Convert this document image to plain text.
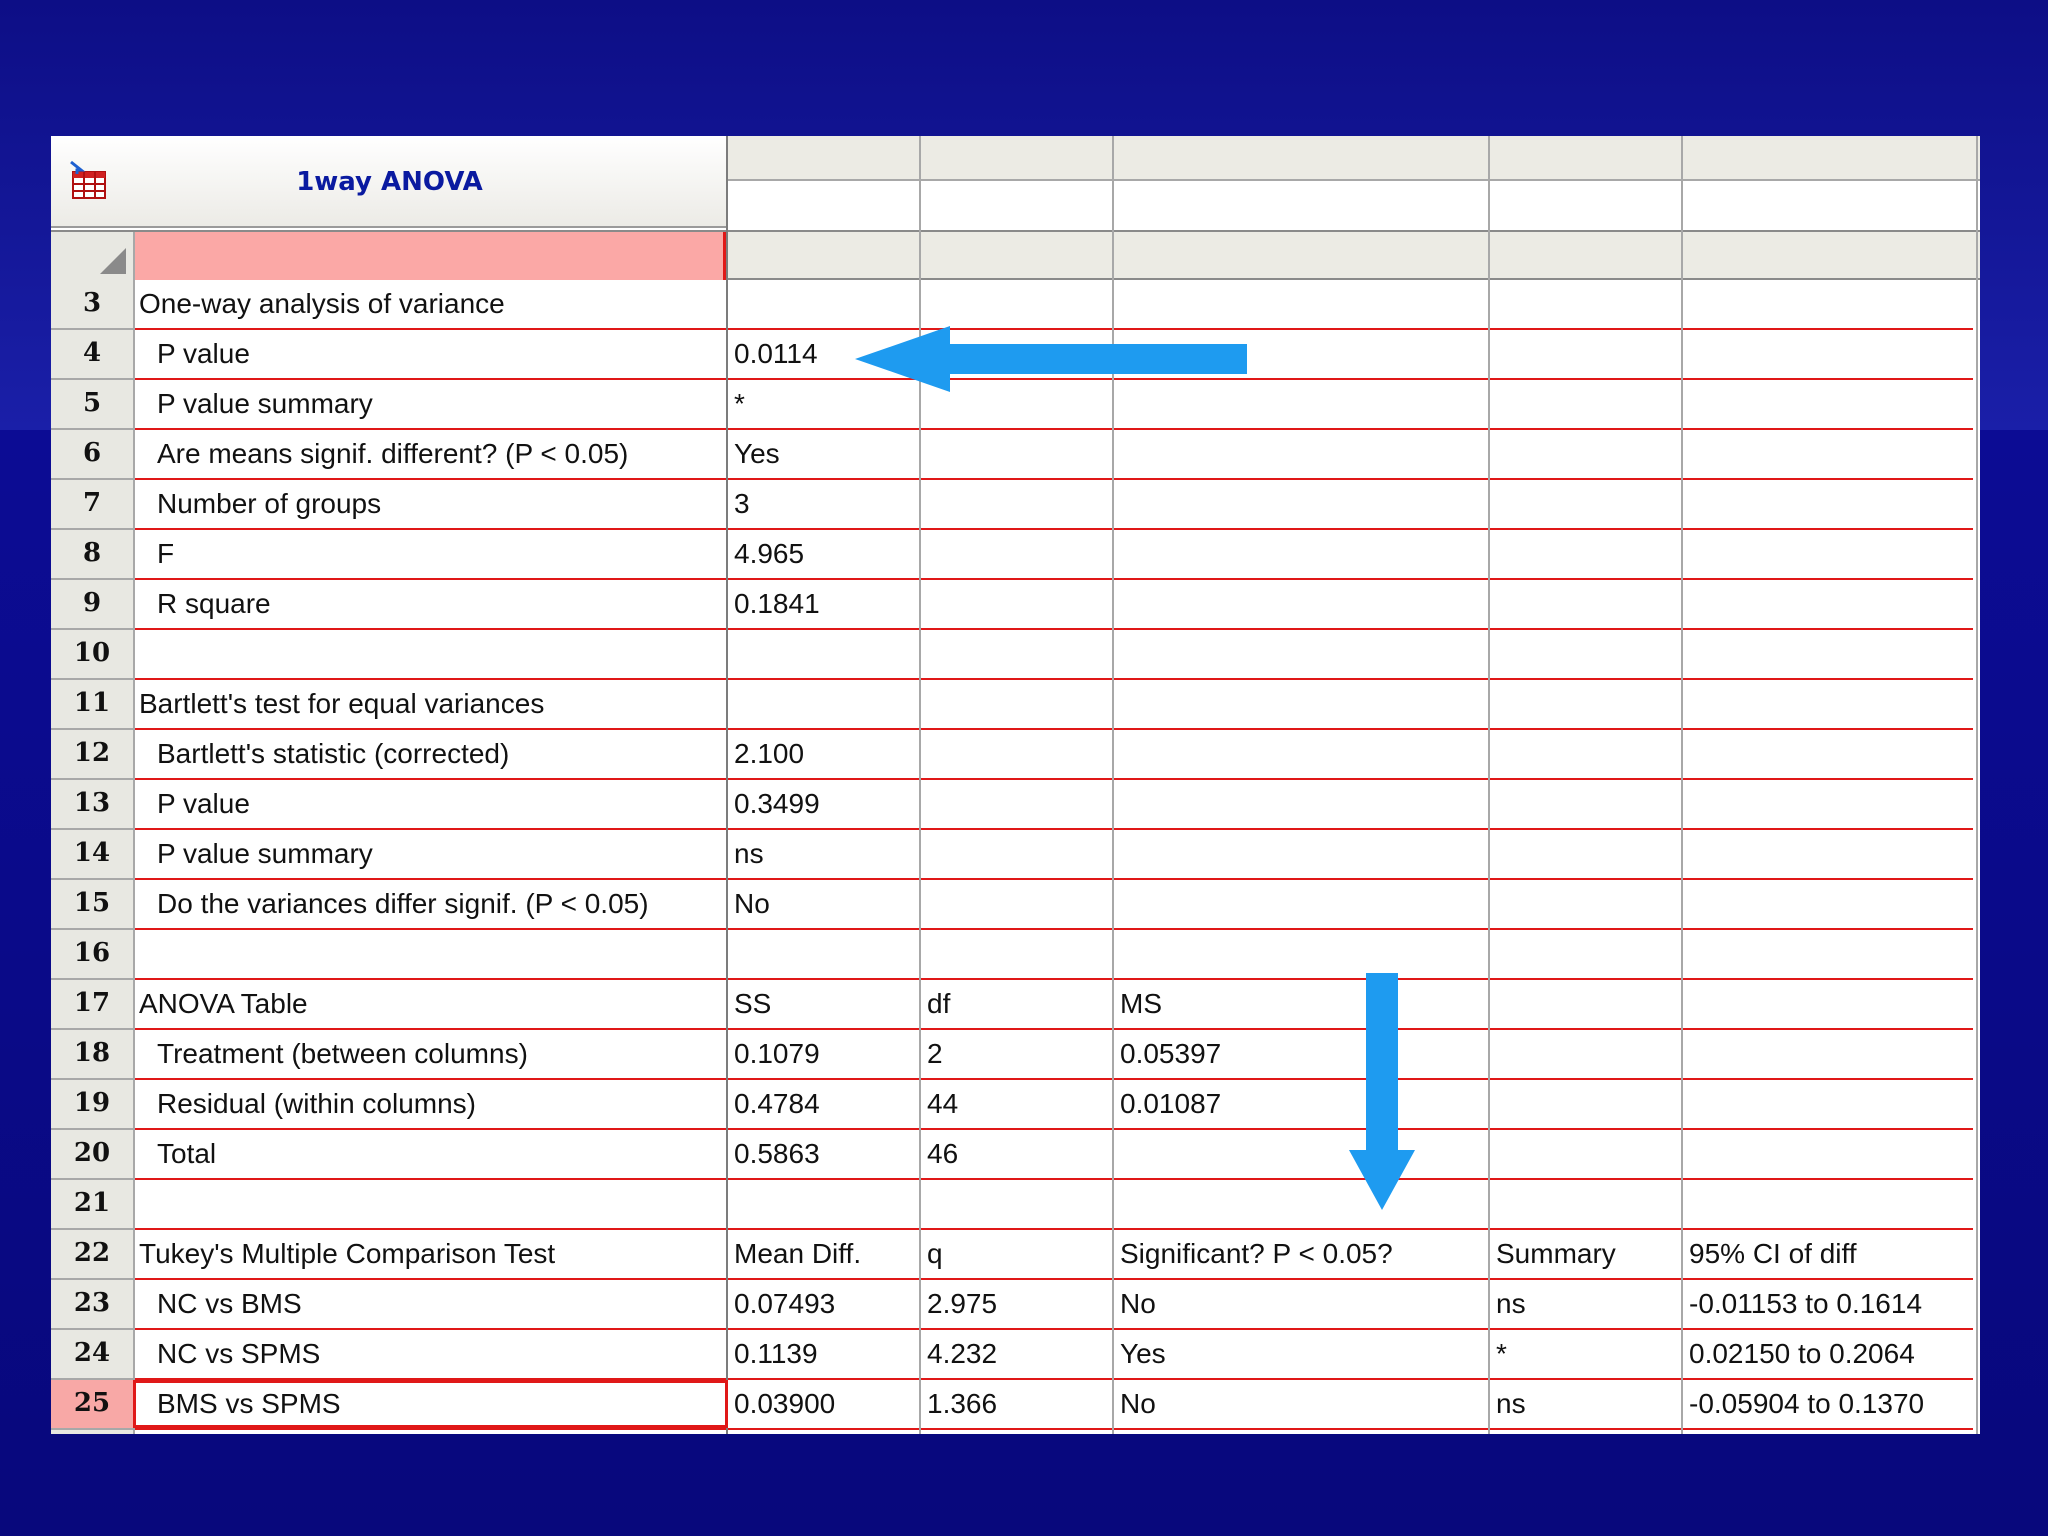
1way ANOVA
3	One-way analysis of variance
4	P value	0.0114
5	P value summary	*
6	Are means signif. different? (P < 0.05)	Yes
7	Number of groups	3
8	F	4.965
9	R square	0.1841
10
11	Bartlett's test for equal variances
12	Bartlett's statistic (corrected)	2.100
13	P value	0.3499
14	P value summary	ns
15	Do the variances differ signif. (P < 0.05)	No
16
17	ANOVA Table	SS	df	MS
18	Treatment (between columns)	0.1079	2	0.05397
19	Residual (within columns)	0.4784	44	0.01087
20	Total	0.5863	46
21
22	Tukey's Multiple Comparison Test	Mean Diff.	q	Significant? P < 0.05?	Summary	95% CI of diff
23	NC vs BMS	0.07493	2.975	No	ns	-0.01153 to 0.1614
24	NC vs SPMS	0.1139	4.232	Yes	*	0.02150 to 0.2064
25	BMS vs SPMS	0.03900	1.366	No	ns	-0.05904 to 0.1370
